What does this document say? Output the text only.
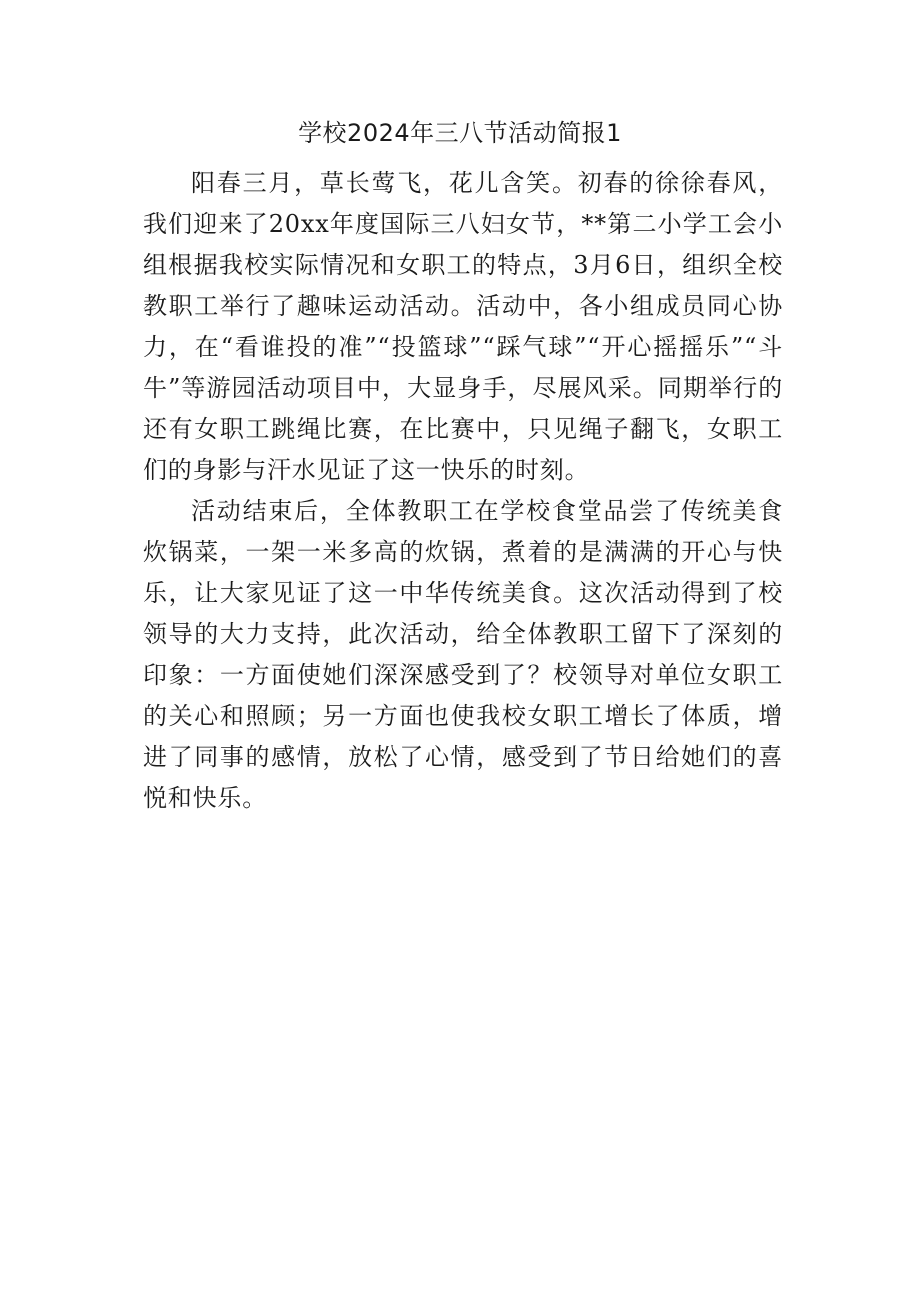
学校2024年三八节活动简报1

阳春三月，草长莺飞，花儿含笑。初春的徐徐春风，我们迎来了20xx年度国际三八妇女节，**第二小学工会小组根据我校实际情况和女职工的特点，3月6日，组织全校教职工举行了趣味运动活动。活动中，各小组成员同心协力，在“看谁投的准”“投篮球”“踩气球”“开心摇摇乐”“斗牛”等游园活动项目中，大显身手，尽展风采。同期举行的还有女职工跳绳比赛，在比赛中，只见绳子翻飞，女职工们的身影与汗水见证了这一快乐的时刻。

活动结束后，全体教职工在学校食堂品尝了传统美食炊锅菜，一架一米多高的炊锅，煮着的是满满的开心与快乐，让大家见证了这一中华传统美食。这次活动得到了校领导的大力支持，此次活动，给全体教职工留下了深刻的印象：一方面使她们深深感受到了？校领导对单位女职工的关心和照顾；另一方面也使我校女职工增长了体质，增进了同事的感情，放松了心情，感受到了节日给她们的喜悦和快乐。
